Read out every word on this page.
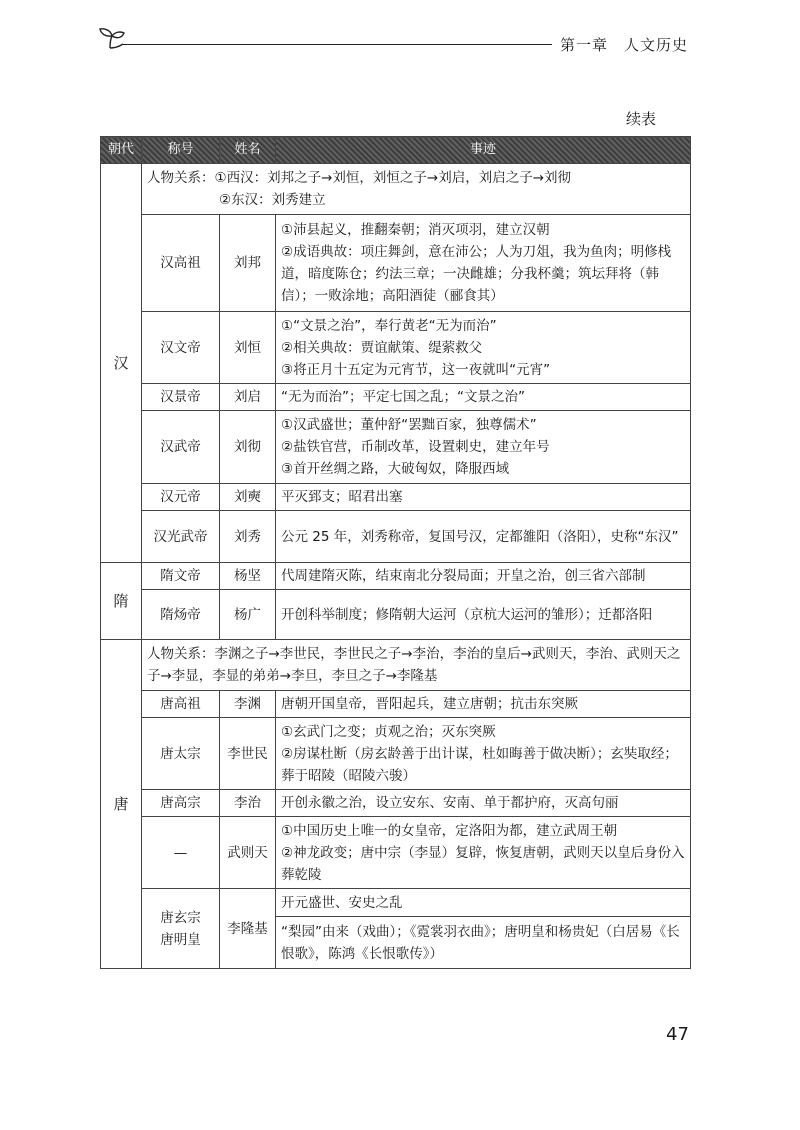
第一章　人文历史
续表
朝代	称号	姓名	事迹
汉	人物关系：①西汉：刘邦之子→刘恒，刘恒之子→刘启，刘启之子→刘彻
②东汉：刘秀建立		

	汉高祖	刘邦	①沛县起义，推翻秦朝；消灭项羽，建立汉朝
②成语典故：项庄舞剑，意在沛公；人为刀俎，我为鱼肉；明修栈道，暗度陈仓；约法三章；一决雌雄；分我杯羹；筑坛拜将（韩信）；一败涂地；高阳酒徒（郦食其）

	汉文帝	刘恒	①“文景之治”，奉行黄老“无为而治”
②相关典故：贾谊献策、缇萦救父
③将正月十五定为元宵节，这一夜就叫“元宵”

	汉景帝	刘启	“无为而治”；平定七国之乱；“文景之治”

	汉武帝	刘彻	①汉武盛世；董仲舒“罢黜百家，独尊儒术”
②盐铁官营，币制改革，设置刺史，建立年号
③首开丝绸之路，大破匈奴，降服西域

	汉元帝	刘奭	平灭郅支；昭君出塞

	汉光武帝	刘秀	公元 25 年，刘秀称帝，复国号汉，定都雒阳（洛阳），史称“东汉”

隋	隋文帝	杨坚	代周建隋灭陈，结束南北分裂局面；开皇之治，创三省六部制

	隋炀帝	杨广	开创科举制度；修隋朝大运河（京杭大运河的雏形）；迁都洛阳

唐	人物关系：李渊之子→李世民，李世民之子→李治，李治的皇后→武则天，李治、武则天之子→李显，李显的弟弟→李旦，李旦之子→李隆基		

	唐高祖	李渊	唐朝开国皇帝，晋阳起兵，建立唐朝；抗击东突厥

	唐太宗	李世民	①玄武门之变；贞观之治；灭东突厥
②房谋杜断（房玄龄善于出计谋，杜如晦善于做决断）；玄奘取经；葬于昭陵（昭陵六骏）

	唐高宗	李治	开创永徽之治，设立安东、安南、单于都护府，灭高句丽

	—	武则天	①中国历史上唯一的女皇帝，定洛阳为都，建立武周王朝
②神龙政变；唐中宗（李显）复辟，恢复唐朝，武则天以皇后身份入葬乾陵

	唐玄宗
唐明皇	李隆基	开元盛世、安史之乱

			“梨园”由来（戏曲）；《霓裳羽衣曲》；唐明皇和杨贵妃（白居易《长恨歌》，陈鸿《长恨歌传》）
47
